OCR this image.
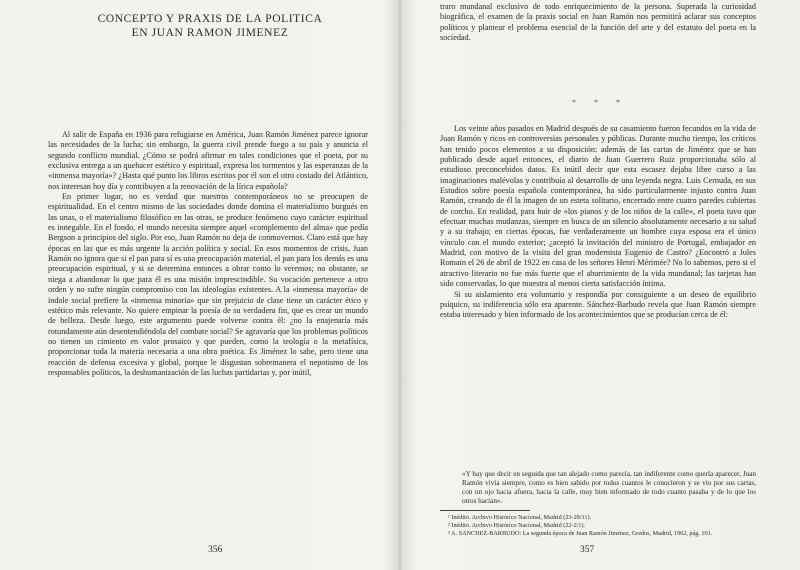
CONCEPTO Y PRAXIS DE LA POLITICA
EN JUAN RAMON JIMENEZ

Al salir de España en 1936 para refugiarse en América, Juan Ramón Jiménez parece ignorar las necesidades de la lucha; sin embargo, la guerra civil prende fuego a su país y anuncia el segundo conflicto mundial. ¿Cómo se podrá afirmar en tales condiciones que el poeta, por su exclusiva entrega a un quehacer estético y espiritual, expresa los tormentos y las esperanzas de la «inmensa mayoría»? ¿Hasta qué punto los libros escritos por él son el otro costado del Atlántico, nos interesan hoy día y contribuyen a la renovación de la lírica española?

En primer lugar, no es verdad que nuestros contemporáneos no se preocupen de espiritualidad. En el centro mismo de las sociedades donde domina el materialismo burgués en las unas, o el materialismo filosófico en las otras, se produce fenómeno cuyo carácter espiritual es innegable. En el fondo, el mundo necesita siempre aquel «complemento del alma» que pedía Bergson a principios del siglo. Por eso, Juan Ramón no deja de conmovernos. Claro está que hay épocas en las que es más urgente la acción política y social. En esos momentos de crisis, Juan Ramón no ignora que si el pan para sí es una preocupación material, el pan para los demás es una preocupación espiritual, y si se determina entonces a obrar como lo veremos; no obstante, se niega a abandonar lo que para él es una misión imprescindible. Su vocación pertenece a otro orden y no sufre ningún compromiso con las ideologías existentes. A la «inmensa mayoría» de índole social prefiere la «inmensa minoría» que sin prejuicio de clase tiene un carácter ético y estético más relevante. No quiere empinar la poesía de su verdadera fin, que es crear un mundo de belleza. Desde luego, este argumento puede volverse contra él: ¿no la enajenaría más rotundamente aún desentendiéndola del combate social? Se agravaría que los problemas políticos no tienen un cimiento en valor prosaico y que pueden, como la teología o la metafísica, proporcionar toda la materia necesaria a una obra poética. Es Jiménez lo sabe, pero tiene una reacción de defensa excesiva y global, porque le disgustan sobremanera el nepotismo de los responsables políticos, la deshumanización de las luchas partidarias y, por inútil,

356

traro mundanal exclusivo de todo enriquecimiento de la persona. Superada la curiosidad biográfica, el examen de la praxis social en Juan Ramón nos permitirá aclarar sus conceptos políticos y plantear el problema esencial de la función del arte y del estatuto del poeta en la sociedad.

* * *

Los veinte años pasados en Madrid después de su casamiento fueron fecundos en la vida de Juan Ramón y ricos en controversias personales y públicas. Durante mucho tiempo, los críticos han tenido pocos elementos a su disposición: además de las cartas de Jiménez que se han publicado desde aquel entonces, el diario de Juan Guerrero Ruiz proporcionaba sólo al estudioso preconcebidos datos. Es inútil decir que esta escasez dejaba libre curso a las imaginaciones malévolas y contribuía al desarrollo de una leyenda negra. Luis Cernuda, en sus Estudios sobre poesía española contemporánea, ha sido particularmente injusto contra Juan Ramón, creando de él la imagen de un esteta solitario, encerrado entre cuatro paredes cubiertas de corcho. En realidad, para huir de «los pianos y de los niños de la calle», el poeta tuvo que efectuar muchas mudanzas, siempre en busca de un silencio absolutamente necesario a su salud y a su trabajo; en ciertas épocas, fue verdaderamente un hombre cuya esposa era el único vínculo con el mundo exterior; ¿aceptó la invitación del ministro de Portugal, embajador en Madrid, con motivo de la visita del gran modernista Eugenio de Castro? ¿Encontró a Jules Romain el 26 de abril de 1922 en casa de los señores Henri Mérimée? No lo sabemos, pero si el atractivo literario no fue más fuerte que el aburrimiento de la vida mundanal; las tarjetas han sido conservadas, lo que muestra al menos cierta satisfacción íntima.

Si su aislamiento era voluntario y respondía por consiguiente a un deseo de equilibrio psíquico, su indiferencia sólo era aparente. Sánchez-Barbudo revela que Juan Ramón siempre estaba interesado y bien informado de los acontecimientos que se producían cerca de él:

«Y hay que decir en seguida que tan alejado como parecía, tan indiferente como quería aparecer, Juan Ramón vivía siempre, como es bien sabido por todos cuantos le conocieron y se vio por sus cartas, con un ojo hacia afuera, hacia la calle, muy bien informado de todo cuanto pasaba y de lo que los otros hacían».

¹ Inédito. Archivo Histórico Nacional, Madrid (23-29/11).
² Inédito. Archivo Histórico Nacional, Madrid (22-2/1).
³ A. SÁNCHEZ-BARBUDO: La segunda época de Juan Ramón Jiménez, Gredos, Madrid, 1962, pág. 101.
357
